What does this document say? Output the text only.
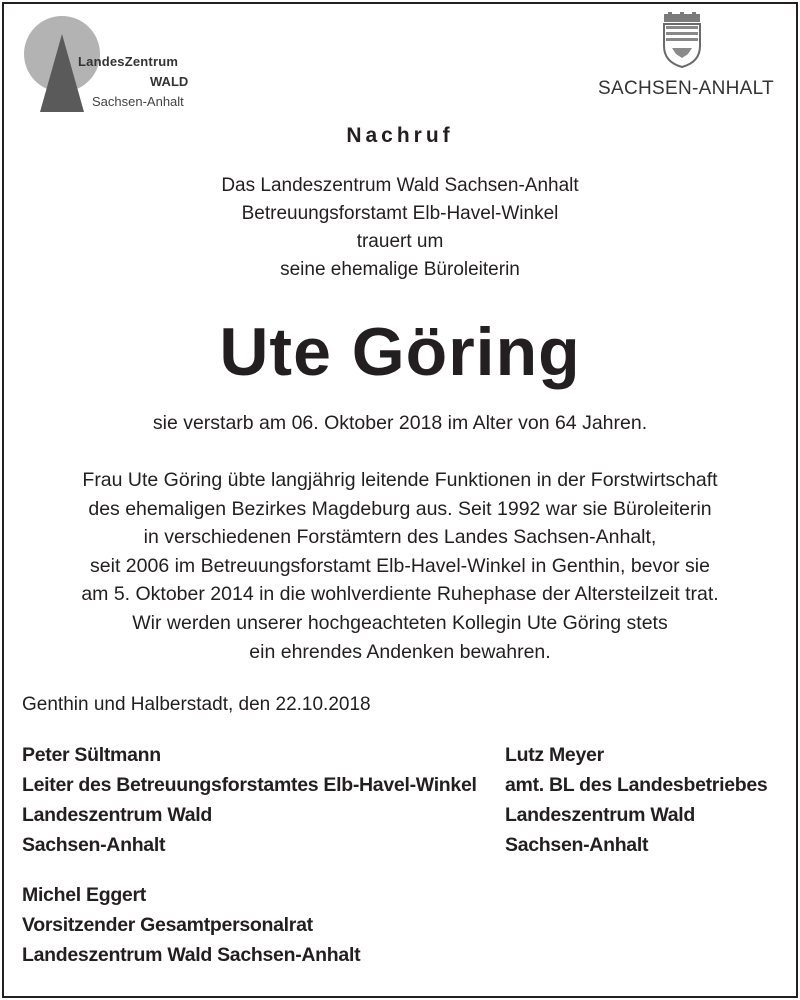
LandesZentrum
WALD
Sachsen-Anhalt
SACHSEN-ANHALT
Nachruf
Das Landeszentrum Wald Sachsen-Anhalt
Betreuungsforstamt Elb-Havel-Winkel
trauert um
seine ehemalige Büroleiterin
Ute Göring
sie verstarb am 06. Oktober 2018 im Alter von 64 Jahren.
Frau Ute Göring übte langjährig leitende Funktionen in der Forstwirtschaft
des ehemaligen Bezirkes Magdeburg aus. Seit 1992 war sie Büroleiterin
in verschiedenen Forstämtern des Landes Sachsen-Anhalt,
seit 2006 im Betreuungsforstamt Elb-Havel-Winkel in Genthin, bevor sie
am 5. Oktober 2014 in die wohlverdiente Ruhephase der Altersteilzeit trat.
Wir werden unserer hochgeachteten Kollegin Ute Göring stets
ein ehrendes Andenken bewahren.
Genthin und Halberstadt, den 22.10.2018
Peter Sültmann
Leiter des Betreuungsforstamtes Elb-Havel-Winkel
Landeszentrum Wald
Sachsen-Anhalt
Lutz Meyer
amt. BL des Landesbetriebes
Landeszentrum Wald
Sachsen-Anhalt
Michel Eggert
Vorsitzender Gesamtpersonalrat
Landeszentrum Wald Sachsen-Anhalt
